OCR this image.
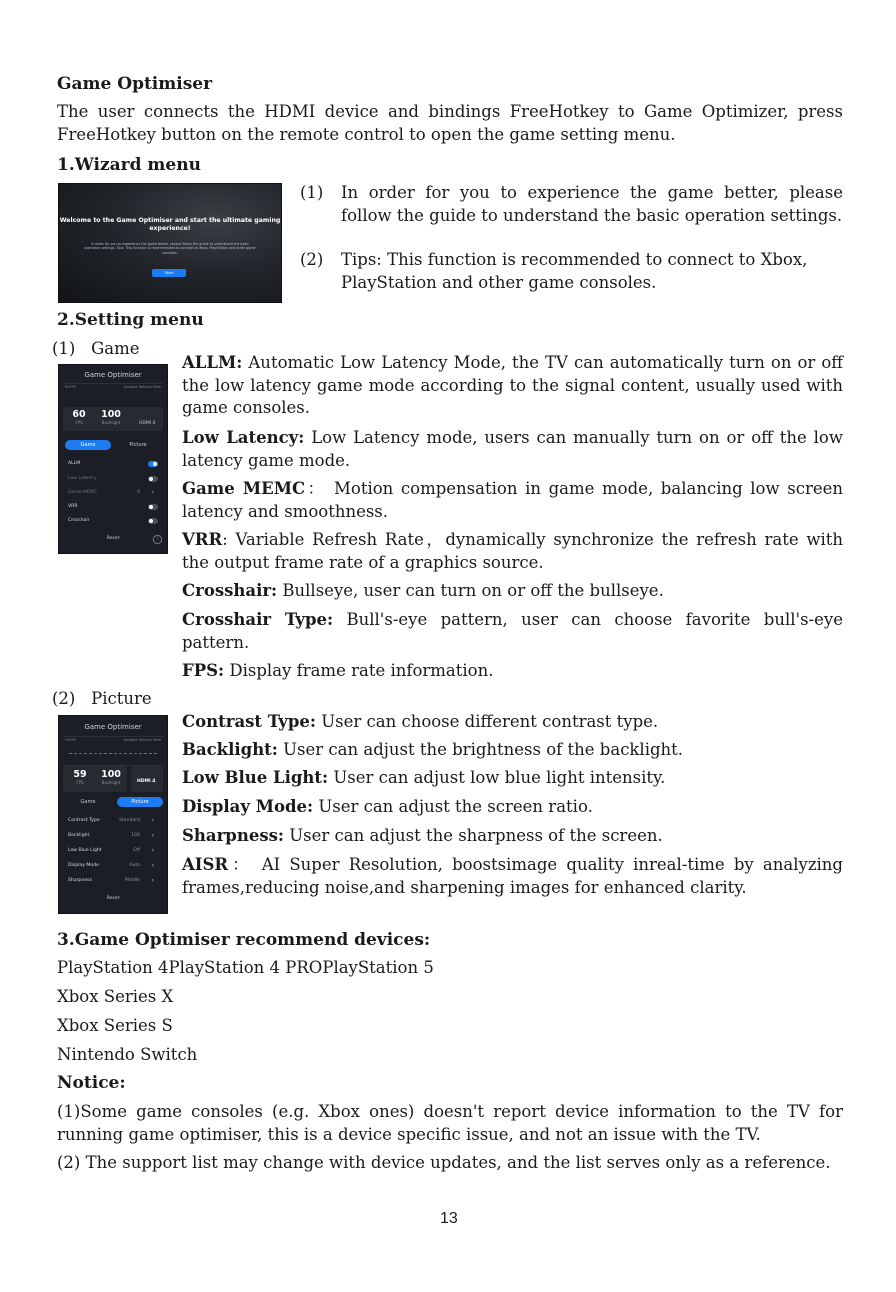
Game Optimiser
The user connects the HDMI device and bindings FreeHotkey to Game Optimizer, press FreeHotkey button on the remote control to open the game setting menu.
1.Wizard menu
Welcome to the Game Optimiser and start the ultimate gaming experience!
In order for you to experience the game better, please follow the guide to understand the basic operation settings. Tips: This function is recommended to connect to Xbox, PlayStation and other game consoles.
Start
(1)	In order for you to experience the game better, please follow the guide to understand the basic operation settings.
(2)	Tips: This function is recommended to connect to Xbox, PlayStation and other game consoles.
2.Setting menu
(1)   Game
Game Optimiser
60FPS	Variable Refresh Rate
60
FPS
100
Backlight	HDMI 4
Game	Picture
ALLM
Low Latency
Game MEMC	0 ›
VRR
Crosshair
Reset	?
ALLM: Automatic Low Latency Mode, the TV can automatically turn on or off the low latency game mode according to the signal content, usually used with game consoles.
Low Latency: Low Latency mode, users can manually turn on or off the low latency game mode.
Game MEMC： Motion compensation in game mode, balancing low screen latency and smoothness.
VRR: Variable Refresh Rate，dynamically synchronize the refresh rate with the output frame rate of a graphics source.
Crosshair: Bullseye, user can turn on or off the bullseye.
Crosshair Type: Bull's-eye pattern, user can choose favorite bull's-eye pattern.
FPS: Display frame rate information.
(2)   Picture
Game Optimiser
59FPS	Variable Refresh Rate
59
FPS
100
Backlight	HDMI 4
Game	Picture
Contrast Type	Standard ›
Backlight	100 ›
Low Blue Light	Off ›
Display Mode	Auto ›
Sharpness	Middle ›
Reset
Contrast Type: User can choose different contrast type.
Backlight: User can adjust the brightness of the backlight.
Low Blue Light: User can adjust low blue light intensity.
Display Mode: User can adjust the screen ratio.
Sharpness: User can adjust the sharpness of the screen.
AISR： AI Super Resolution, boostsimage quality inreal-time by analyzing frames,reducing noise,and sharpening images for enhanced clarity.
3.Game Optimiser recommend devices:
PlayStation 4PlayStation 4 PROPlayStation 5
Xbox Series X
Xbox Series S
Nintendo Switch
Notice:
(1)Some game consoles (e.g. Xbox ones) doesn't report device information to the TV for running game optimiser, this is a device specific issue, and not an issue with the TV.
(2) The support list may change with device updates, and the list serves only as a reference.
13
